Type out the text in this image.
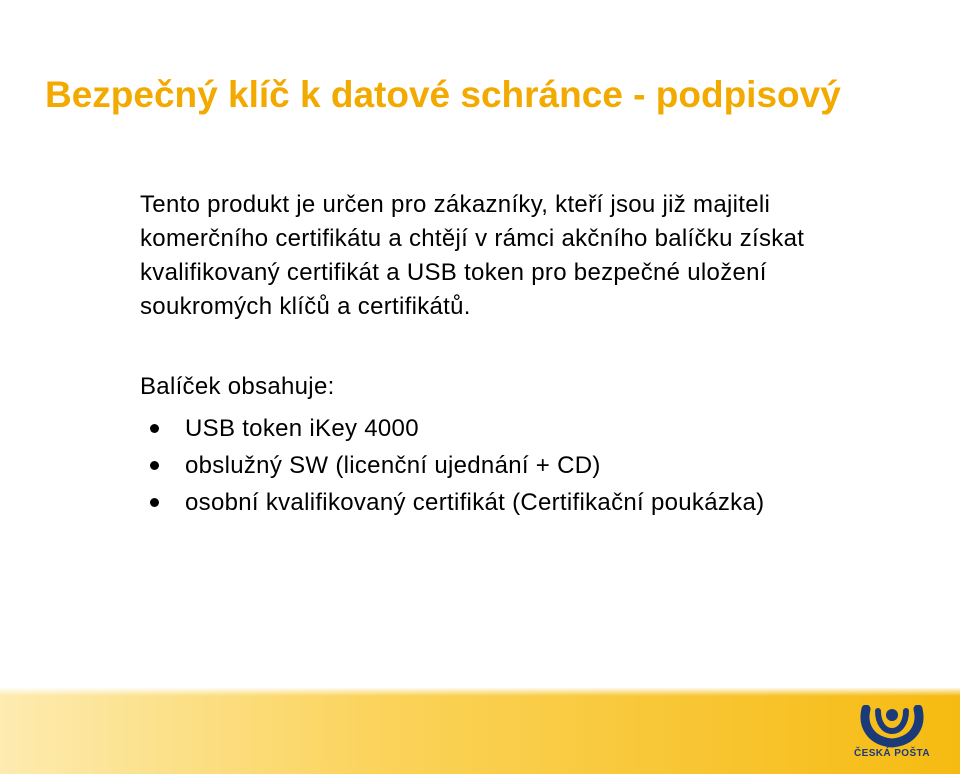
Bezpečný klíč k datové schránce - podpisový
Tento produkt je určen pro zákazníky, kteří jsou již majiteli
komerčního certifikátu a chtějí v rámci akčního balíčku získat
kvalifikovaný certifikát a USB token pro bezpečné uložení
soukromých klíčů a certifikátů.
Balíček obsahuje:
USB token iKey 4000
obslužný SW (licenční ujednání + CD)
osobní kvalifikovaný certifikát (Certifikační poukázka)
ČESKÁ POŠTA
